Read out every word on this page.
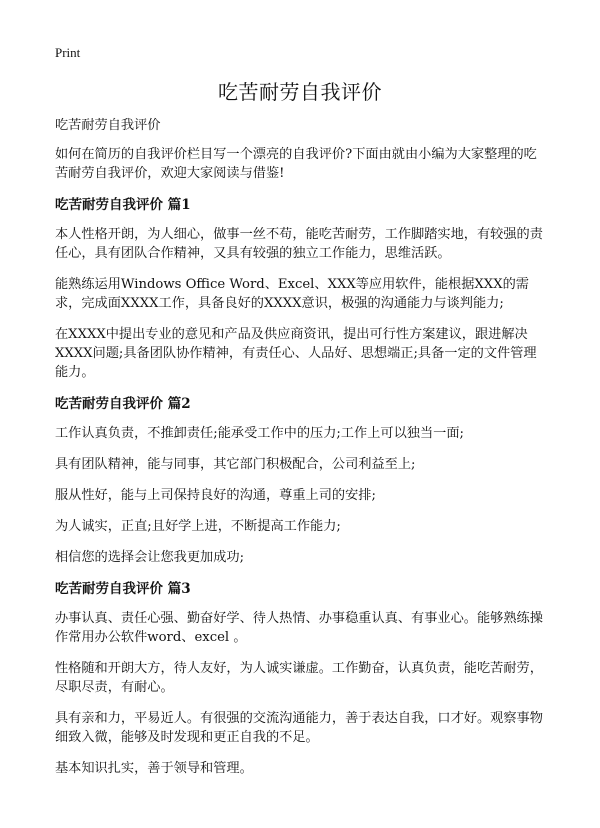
Print
吃苦耐劳自我评价

吃苦耐劳自我评价

如何在简历的自我评价栏目写一个漂亮的自我评价?下面由就由小编为大家整理的吃苦耐劳自我评价，欢迎大家阅读与借鉴!

吃苦耐劳自我评价 篇1

本人性格开朗，为人细心，做事一丝不苟，能吃苦耐劳，工作脚踏实地，有较强的责任心，具有团队合作精神，又具有较强的独立工作能力，思维活跃。

能熟练运用Windows Office Word、Excel、XXX等应用软件，能根据XXX的需求，完成面XXXX工作，具备良好的XXXX意识，极强的沟通能力与谈判能力;

在XXXX中提出专业的意见和产品及供应商资讯，提出可行性方案建议，跟进解决XXXX问题;具备团队协作精神，有责任心、人品好、思想端正;具备一定的文件管理能力。

吃苦耐劳自我评价 篇2

工作认真负责，不推卸责任;能承受工作中的压力;工作上可以独当一面;

具有团队精神，能与同事，其它部门积极配合，公司利益至上;

服从性好，能与上司保持良好的沟通，尊重上司的安排;

为人诚实，正直;且好学上进，不断提高工作能力;

相信您的选择会让您我更加成功;

吃苦耐劳自我评价 篇3

办事认真、责任心强、勤奋好学、待人热情、办事稳重认真、有事业心。能够熟练操作常用办公软件word、excel 。

性格随和开朗大方，待人友好，为人诚实谦虚。工作勤奋，认真负责，能吃苦耐劳，尽职尽责，有耐心。

具有亲和力，平易近人。有很强的交流沟通能力，善于表达自我，口才好。观察事物细致入微，能够及时发现和更正自我的不足。

基本知识扎实，善于领导和管理。
